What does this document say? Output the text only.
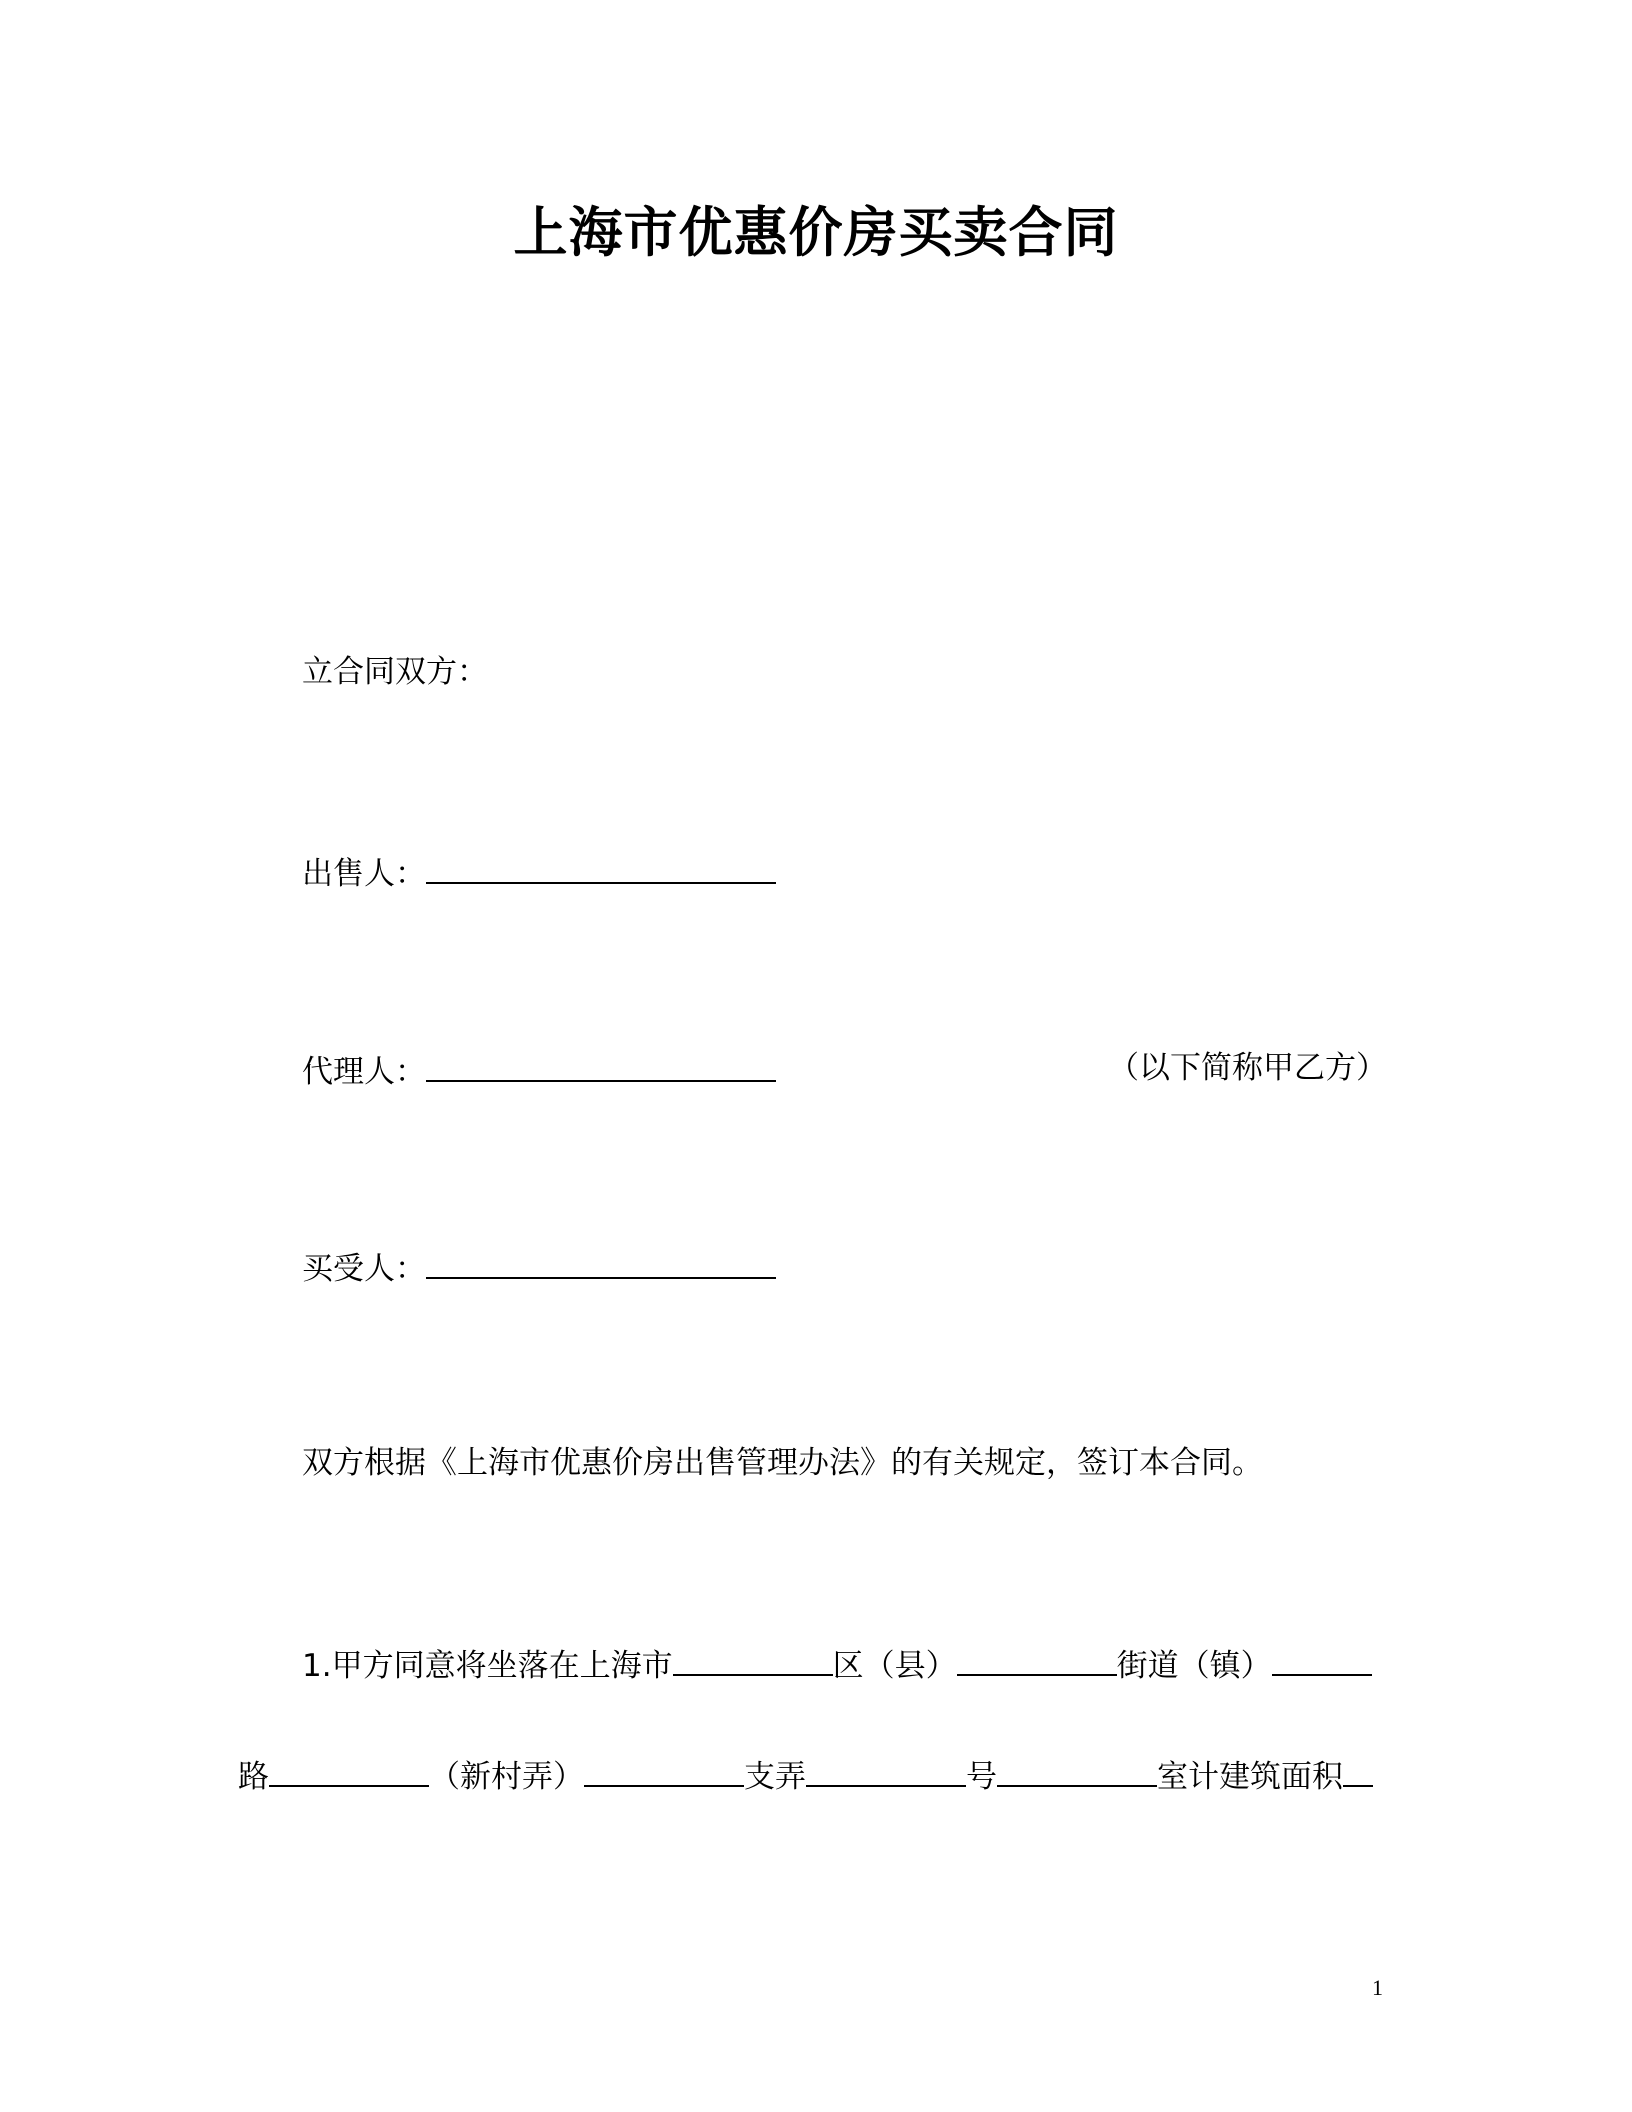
上海市优惠价房买卖合同
立合同双方：
出售人：
代理人：	（以下简称甲乙方）
买受人：
双方根据《上海市优惠价房出售管理办法》的有关规定，签订本合同。
1.甲方同意将坐落在上海市	区（县）	街道（镇）
路	（新村弄）	支弄	号	室计建筑面积
1
